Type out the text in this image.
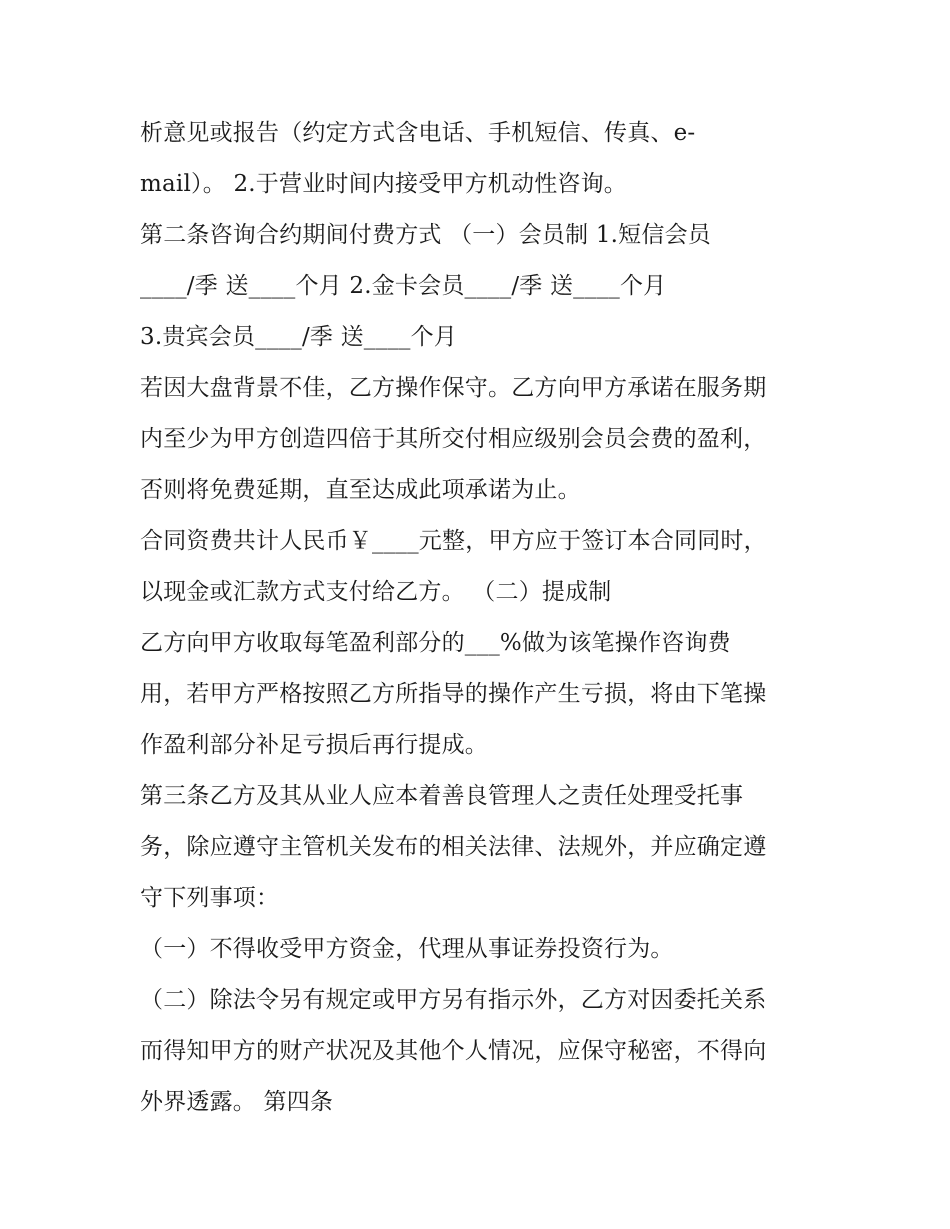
析意见或报告（约定方式含电话、手机短信、传真、e-
mail）。 2.于营业时间内接受甲方机动性咨询。
第二条咨询合约期间付费方式 （一）会员制 1.短信会员
____/季 送____个月 2.金卡会员____/季 送____个月
3.贵宾会员____/季 送____个月
若因大盘背景不佳，乙方操作保守。乙方向甲方承诺在服务期
内至少为甲方创造四倍于其所交付相应级别会员会费的盈利，
否则将免费延期，直至达成此项承诺为止。
合同资费共计人民币￥____元整，甲方应于签订本合同同时，
以现金或汇款方式支付给乙方。 （二）提成制
乙方向甲方收取每笔盈利部分的___%做为该笔操作咨询费
用，若甲方严格按照乙方所指导的操作产生亏损，将由下笔操
作盈利部分补足亏损后再行提成。
第三条乙方及其从业人应本着善良管理人之责任处理受托事
务，除应遵守主管机关发布的相关法律、法规外，并应确定遵
守下列事项：
（一）不得收受甲方资金，代理从事证券投资行为。
（二）除法令另有规定或甲方另有指示外，乙方对因委托关系
而得知甲方的财产状况及其他个人情况，应保守秘密，不得向
外界透露。 第四条
